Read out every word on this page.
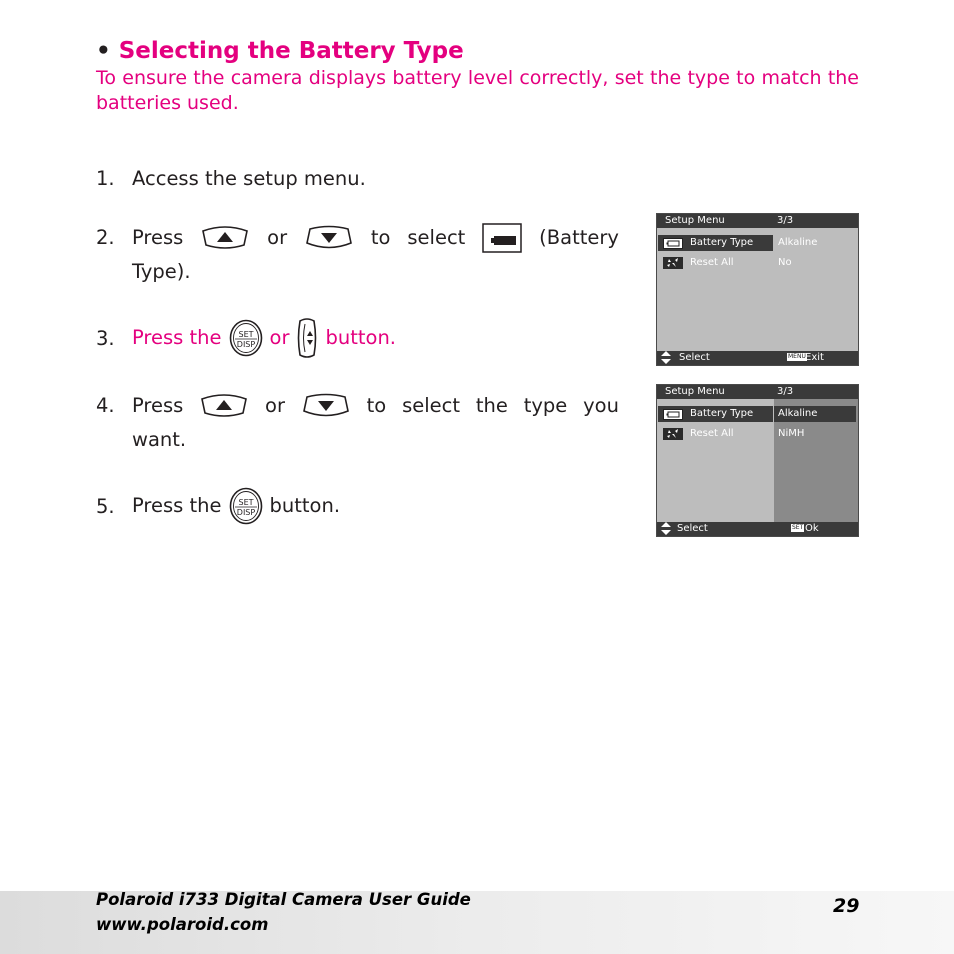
• Selecting the Battery Type
To ensure the camera displays battery level correctly, set the type to match the batteries used.
1. Access the setup menu.
2. Press	or	to select	(Battery
Type).
3. Press the SET
DISP or button.
4. Press	or	to select the type you
want.
5. Press the SET
DISP button.
Setup Menu	3/3
Battery Type Alkaline
Reset All	No
Select	MENU Exit
Setup Menu	3/3
Battery Type Alkaline
Reset All	NiMH
Select	SET Ok
Polaroid i733 Digital Camera User Guide
www.polaroid.com
29
